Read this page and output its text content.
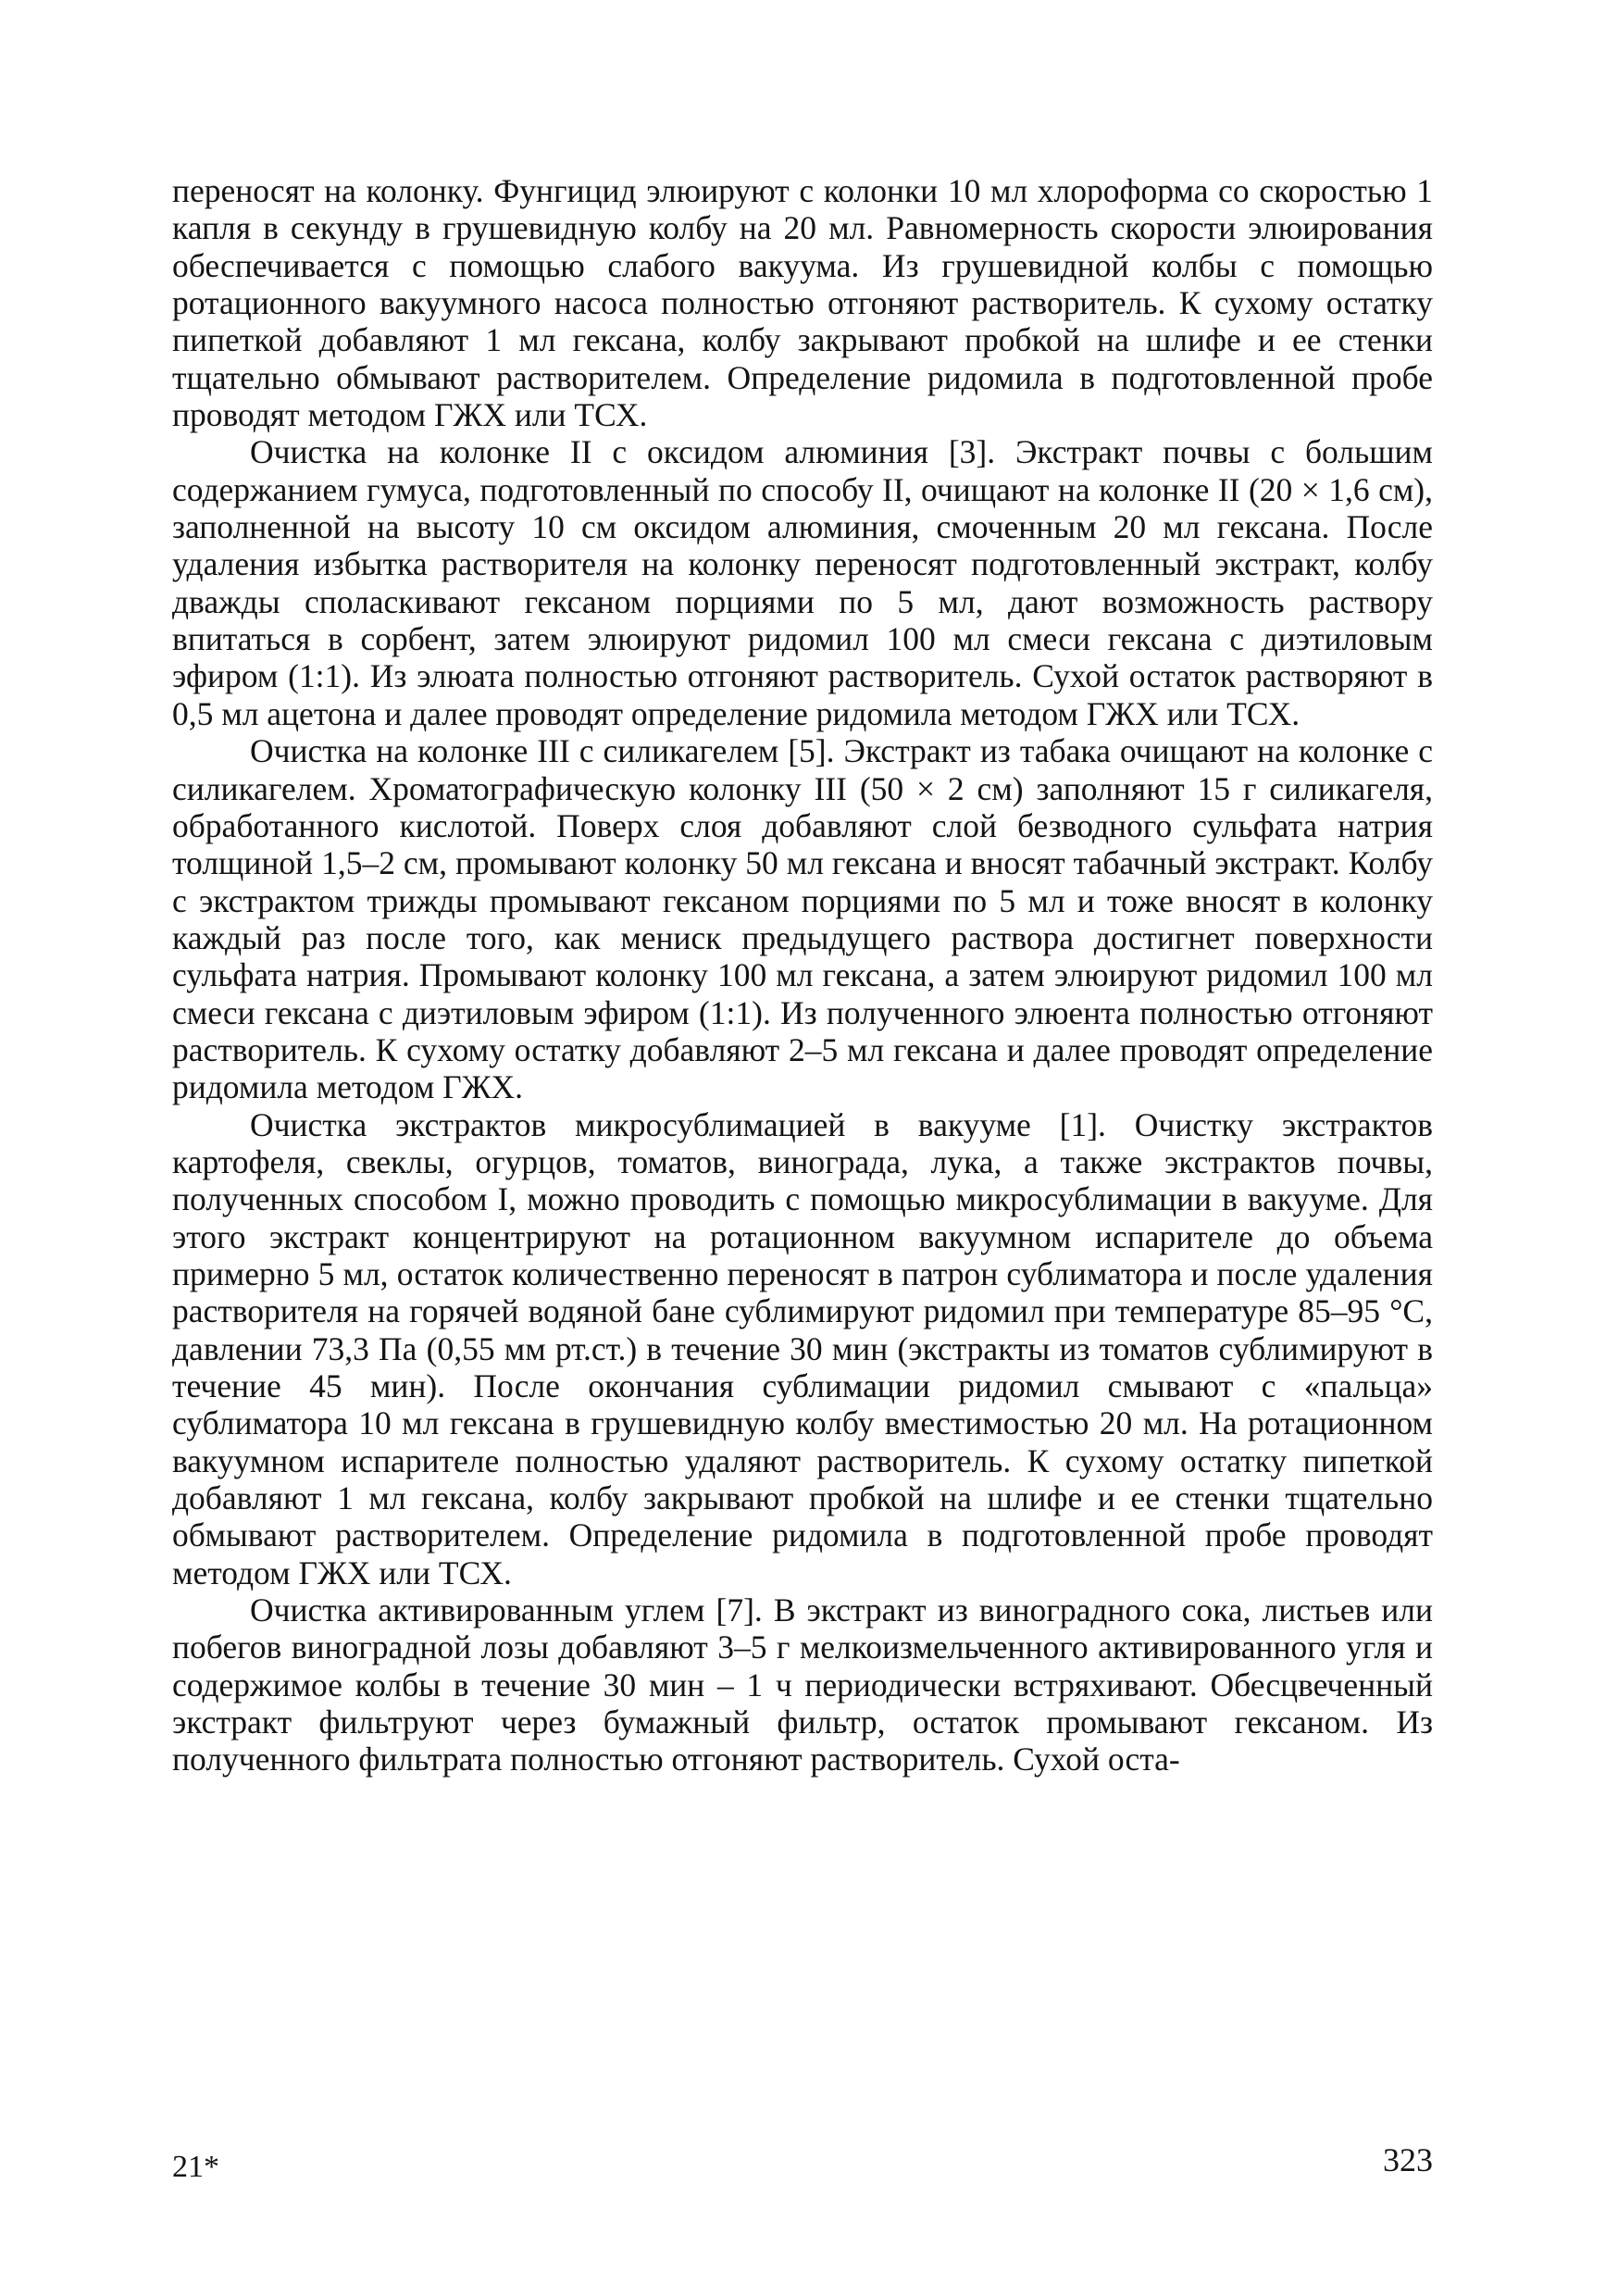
переносят на колонку. Фунгицид элюируют с колонки 10 мл хлороформа со скоростью 1 капля в секунду в грушевидную колбу на 20 мл. Равномерность скорости элюирования обеспечивается с помощью слабого вакуума. Из грушевидной колбы с помощью ротационного вакуумного насоса полностью отгоняют растворитель. К сухому остатку пипеткой добавляют 1 мл гексана, колбу закрывают пробкой на шлифе и ее стенки тщательно обмывают растворителем. Определение ридомила в подготовленной пробе проводят методом ГЖХ или ТСХ.

Очистка на колонке II с оксидом алюминия [3]. Экстракт почвы с большим содержанием гумуса, подготовленный по способу II, очищают на колонке II (20 × 1,6 см), заполненной на высоту 10 см оксидом алюминия, смоченным 20 мл гексана. После удаления избытка растворителя на колонку переносят подготовленный экстракт, колбу дважды споласкивают гексаном порциями по 5 мл, дают возможность раствору впитаться в сорбент, затем элюируют ридомил 100 мл смеси гексана с диэтиловым эфиром (1:1). Из элюата полностью отгоняют растворитель. Сухой остаток растворяют в 0,5 мл ацетона и далее проводят определение ридомила методом ГЖХ или ТСХ.

Очистка на колонке III с силикагелем [5]. Экстракт из табака очищают на колонке с силикагелем. Хроматографическую колонку III (50 × 2 см) заполняют 15 г силикагеля, обработанного кислотой. Поверх слоя добавляют слой безводного сульфата натрия толщиной 1,5–2 см, промывают колонку 50 мл гексана и вносят табачный экстракт. Колбу с экстрактом трижды промывают гексаном порциями по 5 мл и тоже вносят в колонку каждый раз после того, как мениск предыдущего раствора достигнет поверхности сульфата натрия. Промывают колонку 100 мл гексана, а затем элюируют ридомил 100 мл смеси гексана с диэтиловым эфиром (1:1). Из полученного элюента полностью отгоняют растворитель. К сухому остатку добавляют 2–5 мл гексана и далее проводят определение ридомила методом ГЖХ.

Очистка экстрактов микросублимацией в вакууме [1]. Очистку экстрактов картофеля, свеклы, огурцов, томатов, винограда, лука, а также экстрактов почвы, полученных способом I, можно проводить с помощью микросублимации в вакууме. Для этого экстракт концентрируют на ротационном вакуумном испарителе до объема примерно 5 мл, остаток количественно переносят в патрон сублиматора и после удаления растворителя на горячей водяной бане сублимируют ридомил при температуре 85–95 °С, давлении 73,3 Па (0,55 мм рт.ст.) в течение 30 мин (экстракты из томатов сублимируют в течение 45 мин). После окончания сублимации ридомил смывают с «пальца» сублиматора 10 мл гексана в грушевидную колбу вместимостью 20 мл. На ротационном вакуумном испарителе полностью удаляют растворитель. К сухому остатку пипеткой добавляют 1 мл гексана, колбу закрывают пробкой на шлифе и ее стенки тщательно обмывают растворителем. Определение ридомила в подготовленной пробе проводят методом ГЖХ или ТСХ.

Очистка активированным углем [7]. В экстракт из виноградного сока, листьев или побегов виноградной лозы добавляют 3–5 г мелкоизмельченного активированного угля и содержимое колбы в течение 30 мин – 1 ч периодически встряхивают. Обесцвеченный экстракт фильтруют через бумажный фильтр, остаток промывают гексаном. Из полученного фильтрата полностью отгоняют растворитель. Сухой оста-

21*	323
